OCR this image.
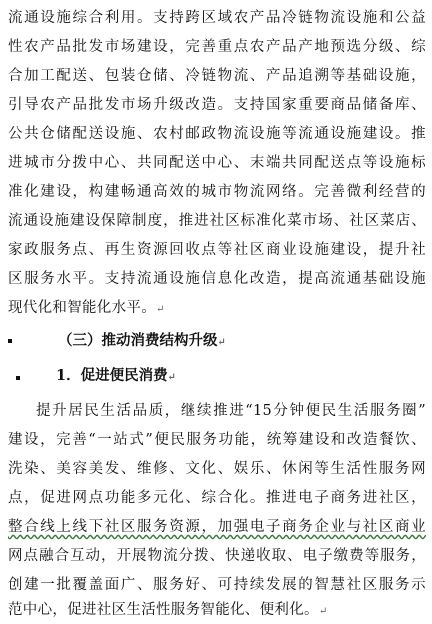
流通设施综合利用。支持跨区域农产品冷链物流设施和公益
性农产品批发市场建设，完善重点农产品产地预选分级、综
合加工配送、包装仓储、冷链物流、产品追溯等基础设施，
引导农产品批发市场升级改造。支持国家重要商品储备库、
公共仓储配送设施、农村邮政物流设施等流通设施建设。推
进城市分拨中心、共同配送中心、末端共同配送点等设施标
准化建设，构建畅通高效的城市物流网络。完善微利经营的
流通设施建设保障制度，推进社区标准化菜市场、社区菜店、
家政服务点、再生资源回收点等社区商业设施建设，提升社
区服务水平。支持流通设施信息化改造，提高流通基础设施
现代化和智能化水平。↵
（三）推动消费结构升级↵
1．促进便民消费↵
提升居民生活品质，继续推进“15分钟便民生活服务圈”
建设，完善“一站式”便民服务功能，统筹建设和改造餐饮、
洗染、美容美发、维修、文化、娱乐、休闲等生活性服务网
点，促进网点功能多元化、综合化。推进电子商务进社区，
整合线上线下社区服务资源，加强电子商务企业与社区商业
网点融合互动，开展物流分拨、快递收取、电子缴费等服务，
创建一批覆盖面广、服务好、可持续发展的智慧社区服务示
范中心，促进社区生活性服务智能化、便利化。↵
